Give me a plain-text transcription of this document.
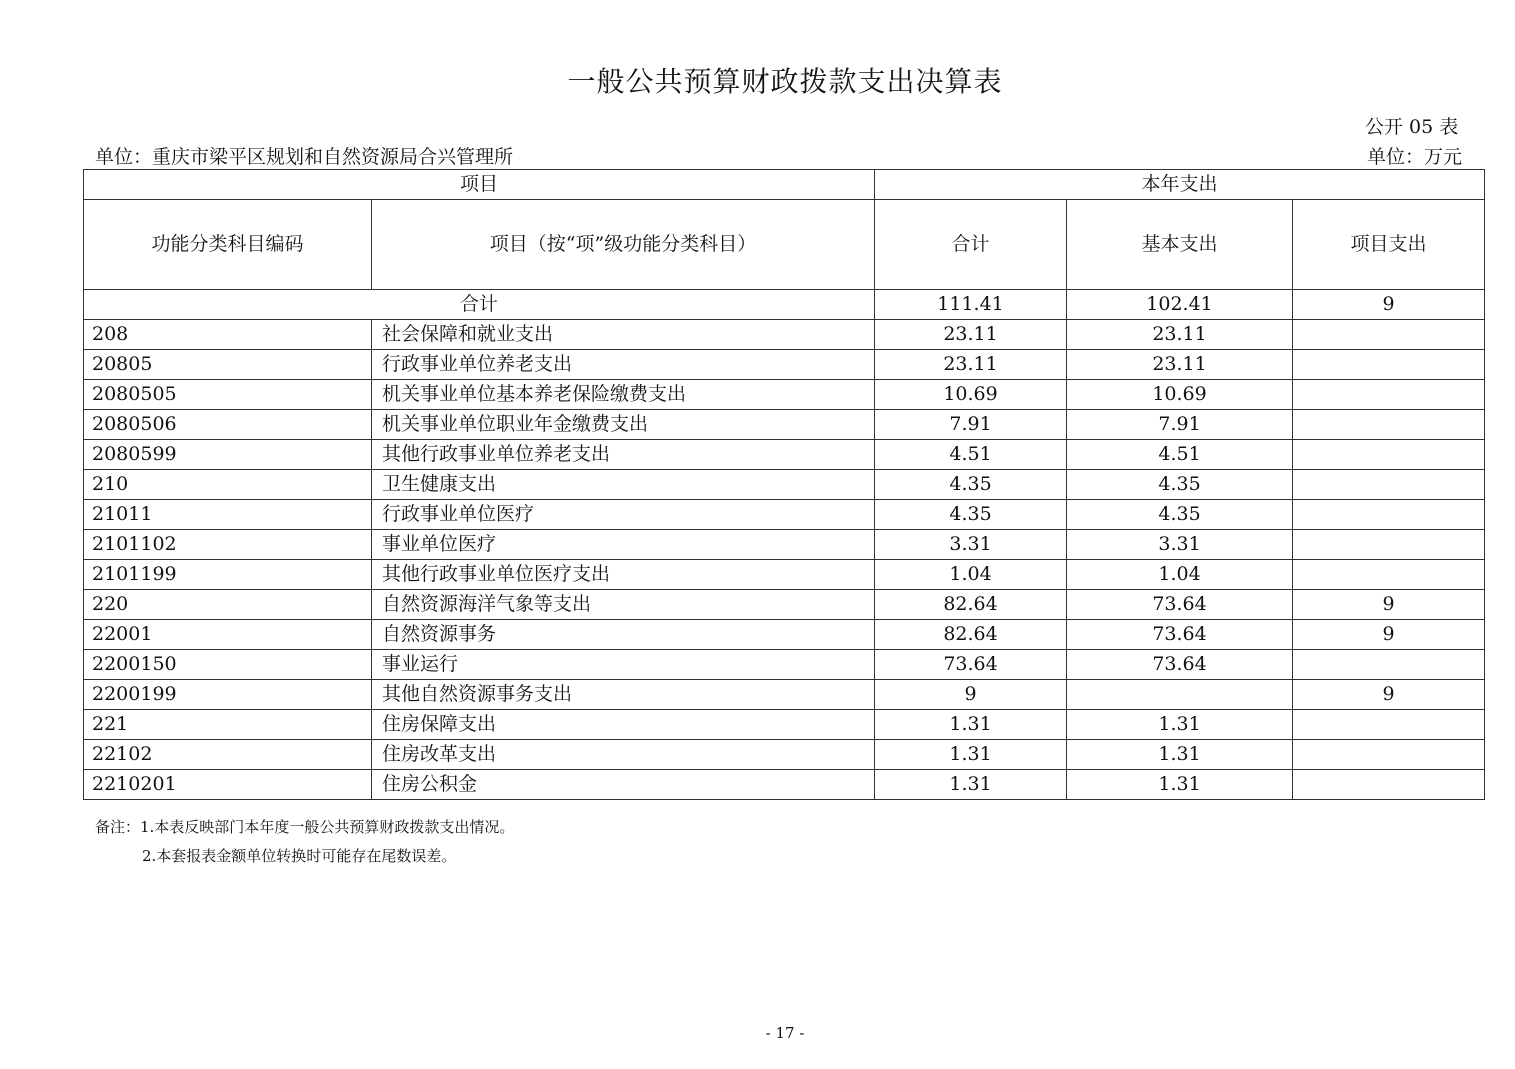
一般公共预算财政拨款支出决算表
公开 05 表
单位：重庆市梁平区规划和自然资源局合兴管理所	单位：万元
项目		本年支出		
功能分类科目编码	项目（按“项”级功能分类科目）	合计	基本支出	项目支出
合计		111.41	102.41	9
208	社会保障和就业支出	23.11	23.11	
20805	行政事业单位养老支出	23.11	23.11	
2080505	机关事业单位基本养老保险缴费支出	10.69	10.69	
2080506	机关事业单位职业年金缴费支出	7.91	7.91	
2080599	其他行政事业单位养老支出	4.51	4.51	
210	卫生健康支出	4.35	4.35	
21011	行政事业单位医疗	4.35	4.35	
2101102	事业单位医疗	3.31	3.31	
2101199	其他行政事业单位医疗支出	1.04	1.04	
220	自然资源海洋气象等支出	82.64	73.64	9
22001	自然资源事务	82.64	73.64	9
2200150	事业运行	73.64	73.64	
2200199	其他自然资源事务支出	9		9
221	住房保障支出	1.31	1.31	
22102	住房改革支出	1.31	1.31	
2210201	住房公积金	1.31	1.31	
备注：1.本表反映部门本年度一般公共预算财政拨款支出情况。
2.本套报表金额单位转换时可能存在尾数误差。
- 17 -
